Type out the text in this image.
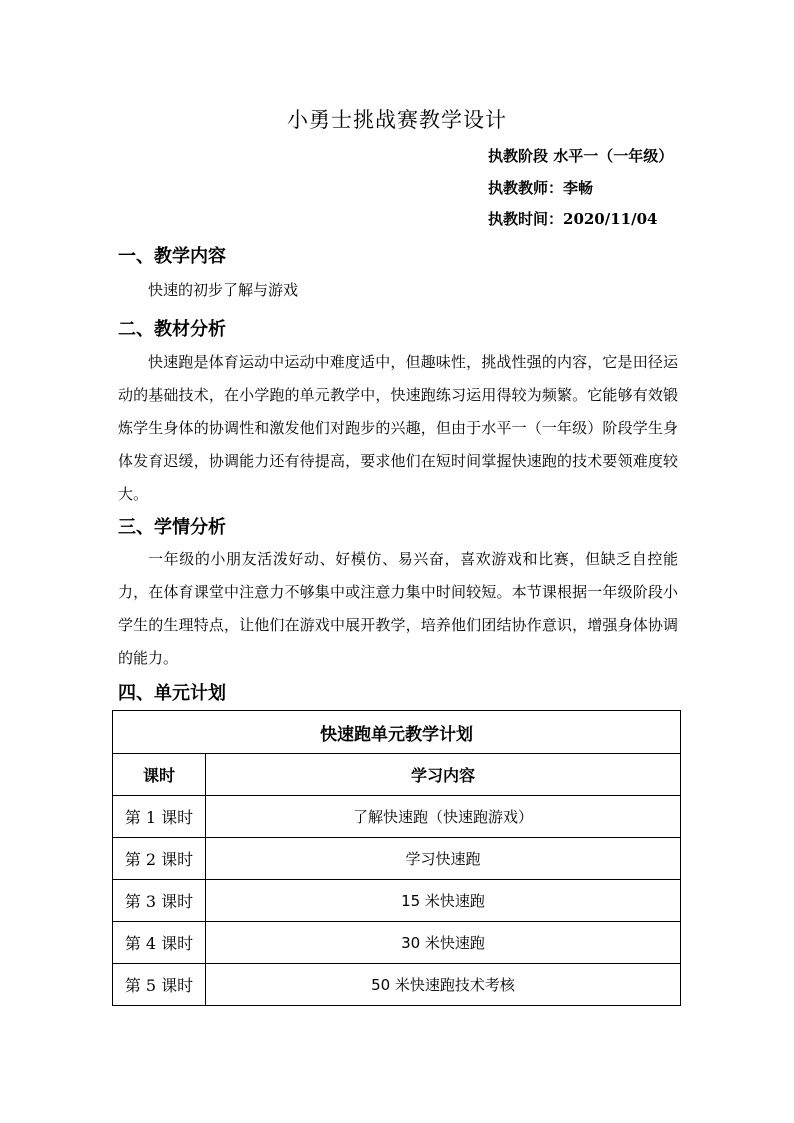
小勇士挑战赛教学设计
执教阶段 水平一（一年级）
执教教师：李畅
执教时间：2020/11/04
一、教学内容
快速的初步了解与游戏
二、教材分析
快速跑是体育运动中运动中难度适中，但趣味性，挑战性强的内容，它是田径运动的基础技术，在小学跑的单元教学中，快速跑练习运用得较为频繁。它能够有效锻炼学生身体的协调性和激发他们对跑步的兴趣，但由于水平一（一年级）阶段学生身体发育迟缓，协调能力还有待提高，要求他们在短时间掌握快速跑的技术要领难度较大。
三、学情分析
一年级的小朋友活泼好动、好模仿、易兴奋，喜欢游戏和比赛，但缺乏自控能力，在体育课堂中注意力不够集中或注意力集中时间较短。本节课根据一年级阶段小学生的生理特点，让他们在游戏中展开教学，培养他们团结协作意识，增强身体协调的能力。
四、单元计划
快速跑单元教学计划	
课时	学习内容
第 1 课时	了解快速跑（快速跑游戏）
第 2 课时	学习快速跑
第 3 课时	15 米快速跑
第 4 课时	30 米快速跑
第 5 课时	50 米快速跑技术考核
